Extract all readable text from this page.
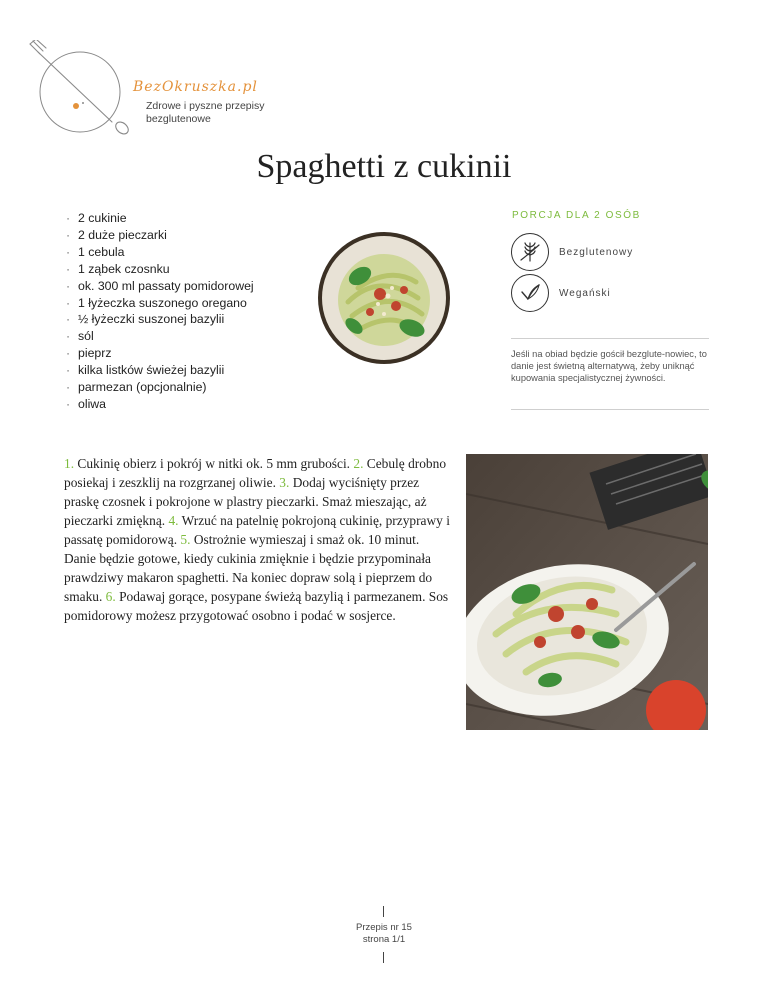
BezOkruszka.pl
Zdrowe i pyszne przepisy bezglutenowe
Spaghetti z cukinii
· 2 cukinie
· 2 duże pieczarki
· 1 cebula
· 1 ząbek czosnku
· ok. 300 ml passaty pomidorowej
· 1 łyżeczka suszonego oregano
· ½ łyżeczki suszonej bazylii
· sól
· pieprz
· kilka listków świeżej bazylii
· parmezan (opcjonalnie)
· oliwa
PORCJA DLA 2 OSÓB
Bezglutenowy
Wegański
Jeśli na obiad będzie gościł bezglute-nowiec, to danie jest świetną alternatywą, żeby uniknąć kupowania specjalistycznej żywności.

1. Cukinię obierz i pokrój w nitki ok. 5 mm grubości. 2. Cebulę drobno posiekaj i zeszklij na rozgrzanej oliwie. 3. Dodaj wyciśnięty przez praskę czosnek i pokrojone w plastry pieczarki. Smaż mieszając, aż pieczarki zmiękną. 4. Wrzuć na patelnię pokrojoną cukinię, przyprawy i passatę pomidorową. 5. Ostrożnie wymieszaj i smaż ok. 10 minut. Danie będzie gotowe, kiedy cukinia zmięknie i będzie przypominała prawdziwy makaron spaghetti. Na koniec dopraw solą i pieprzem do smaku. 6. Podawaj gorące, posypane świeżą bazylią i parmezanem. Sos pomidorowy możesz przygotować osobno i podać w sosjerce.

Przepis nr 15
strona 1/1
